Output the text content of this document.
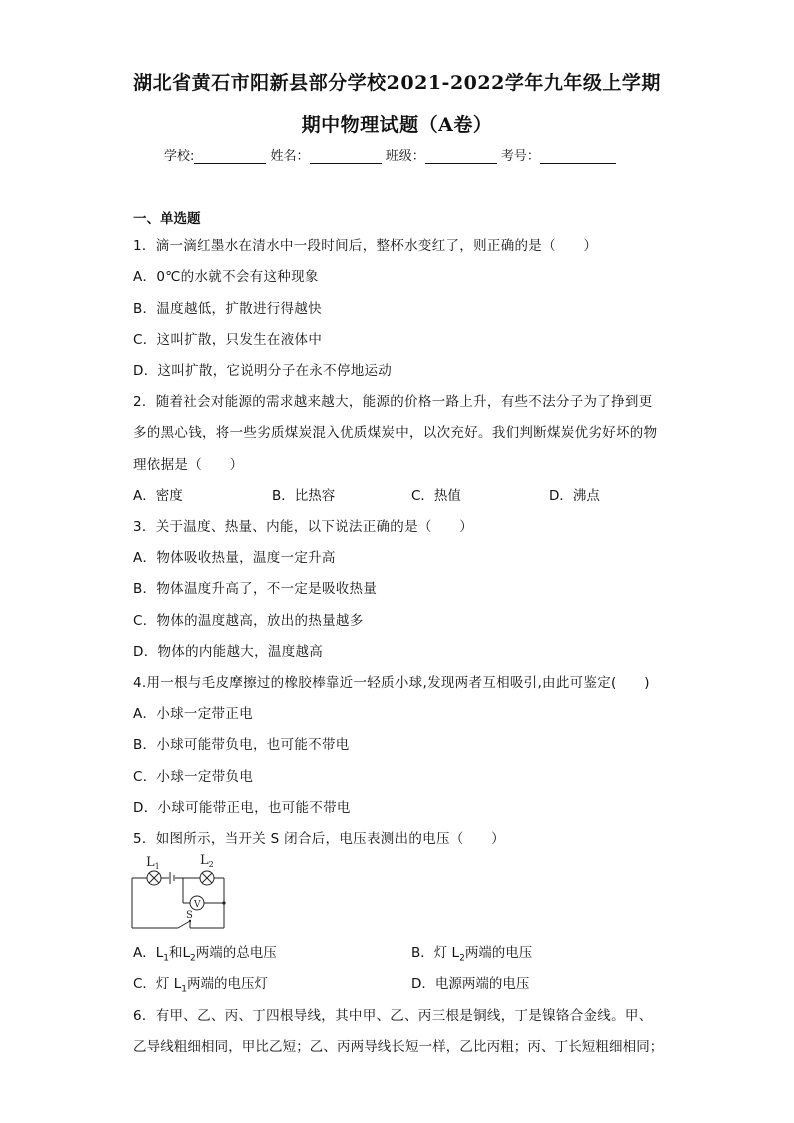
湖北省黄石市阳新县部分学校2021-2022学年九年级上学期
期中物理试题（A卷）
学校:	姓名：	班级：	考号：
一、单选题
1．滴一滴红墨水在清水中一段时间后，整杯水变红了，则正确的是（　　）
A．0℃的水就不会有这种现象
B．温度越低，扩散进行得越快
C．这叫扩散，只发生在液体中
D．这叫扩散，它说明分子在永不停地运动
2．随着社会对能源的需求越来越大，能源的价格一路上升，有些不法分子为了挣到更
多的黑心钱，将一些劣质煤炭混入优质煤炭中，以次充好。我们判断煤炭优劣好坏的物
理依据是（　　）
A．密度	B．比热容	C．热值	D．沸点
3．关于温度、热量、内能，以下说法正确的是（　　）
A．物体吸收热量，温度一定升高
B．物体温度升高了，不一定是吸收热量
C．物体的温度越高，放出的热量越多
D．物体的内能越大，温度越高
4.用一根与毛皮摩擦过的橡胶棒靠近一轻质小球,发现两者互相吸引,由此可鉴定(　　)
A．小球一定带正电
B．小球可能带负电，也可能不带电
C．小球一定带负电
D．小球可能带正电，也可能不带电
5．如图所示，当开关 S 闭合后，电压表测出的电压（　　）
$L_1$	$L_2$
V
S
A．$L_1$和$L_2$两端的总电压	B．灯 $L_2$两端的电压
C．灯 $L_1$两端的电压灯	D．电源两端的电压
6．有甲、乙、丙、丁四根导线，其中甲、乙、丙三根是铜线，丁是镍铬合金线。甲、
乙导线粗细相同，甲比乙短；乙、丙两导线长短一样，乙比丙粗；丙、丁长短粗细相同；
